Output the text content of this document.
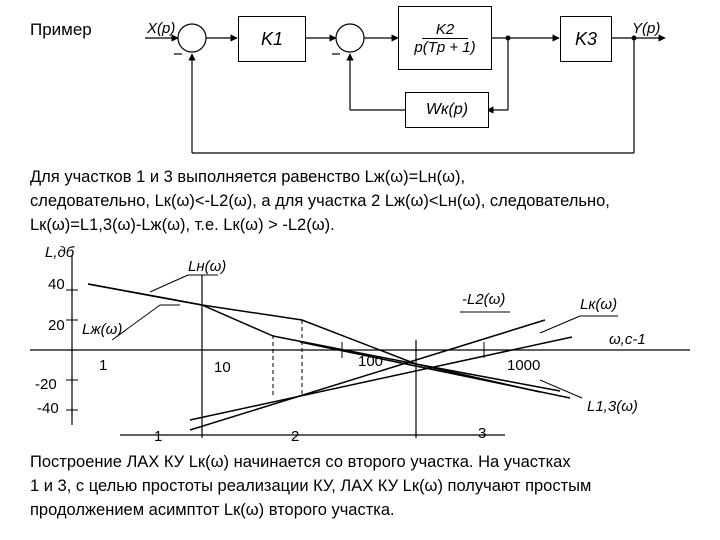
Пример	X(p)	Y(p)
K1	$\frac{K2}{p(Tp + 1)}$	K3
Wк(p)
Для участков 1 и 3 выполняется равенство Lж(ω)=Lн(ω),
следовательно, Lк(ω)<-L2(ω), а для участка 2 Lж(ω)<Lн(ω), следовательно,
Lк(ω)=L1,3(ω)-Lж(ω), т.е. Lк(ω) > -L2(ω).
L,дб
ω,с-1
40
20
-20
-40
1	10	100	1000
Lн(ω)
Lж(ω)
-L2(ω)	Lк(ω)
L1,3(ω)
1	2	3
Построение ЛАХ КУ Lк(ω) начинается со второго участка. На участках
1 и 3, с целью простоты реализации КУ, ЛАХ КУ Lк(ω) получают простым
продолжением асимптот Lк(ω) второго участка.
